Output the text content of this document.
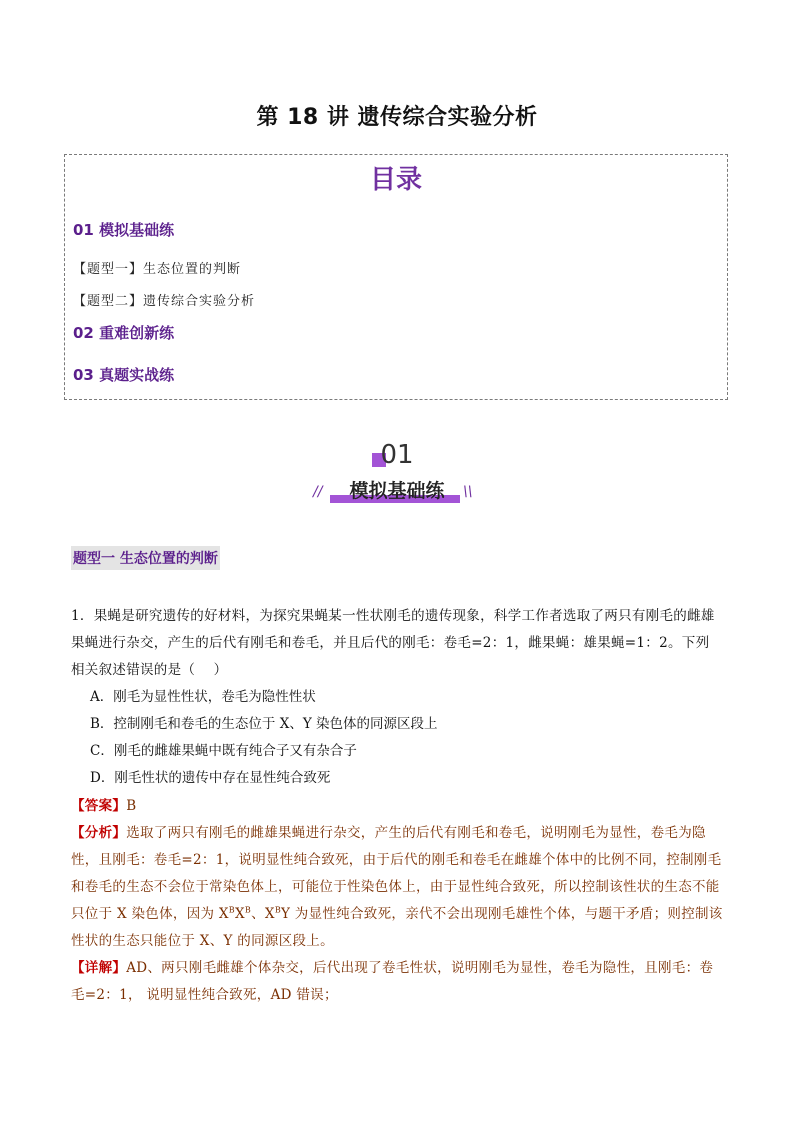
第 18 讲 遗传综合实验分析
目录
01 模拟基础练
【题型一】生态位置的判断
【题型二】遗传综合实验分析
02 重难创新练
03 真题实战练
01
//	模拟基础练	\\
题型一 生态位置的判断
1．果蝇是研究遗传的好材料，为探究果蝇某一性状刚毛的遗传现象，科学工作者选取了两只有刚毛的雌雄果蝇进行杂交，产生的后代有刚毛和卷毛，并且后代的刚毛：卷毛=2：1，雌果蝇：雄果蝇=1：2。下列相关叙述错误的是（　 ）
A．刚毛为显性性状，卷毛为隐性性状
B．控制刚毛和卷毛的生态位于 X、Y 染色体的同源区段上
C．刚毛的雌雄果蝇中既有纯合子又有杂合子
D．刚毛性状的遗传中存在显性纯合致死
【答案】B
【分析】选取了两只有刚毛的雌雄果蝇进行杂交，产生的后代有刚毛和卷毛，说明刚毛为显性，卷毛为隐性，且刚毛：卷毛=2：1，说明显性纯合致死，由于后代的刚毛和卷毛在雌雄个体中的比例不同，控制刚毛和卷毛的生态不会位于常染色体上，可能位于性染色体上，由于显性纯合致死，所以控制该性状的生态不能只位于 X 染色体，因为 $X^BX^B$、$X^BY$ 为显性纯合致死，亲代不会出现刚毛雄性个体，与题干矛盾；则控制该性状的生态只能位于 X、Y 的同源区段上。
【详解】AD、两只刚毛雌雄个体杂交，后代出现了卷毛性状，说明刚毛为显性，卷毛为隐性，且刚毛：卷毛=2：1， 说明显性纯合致死，AD 错误；
